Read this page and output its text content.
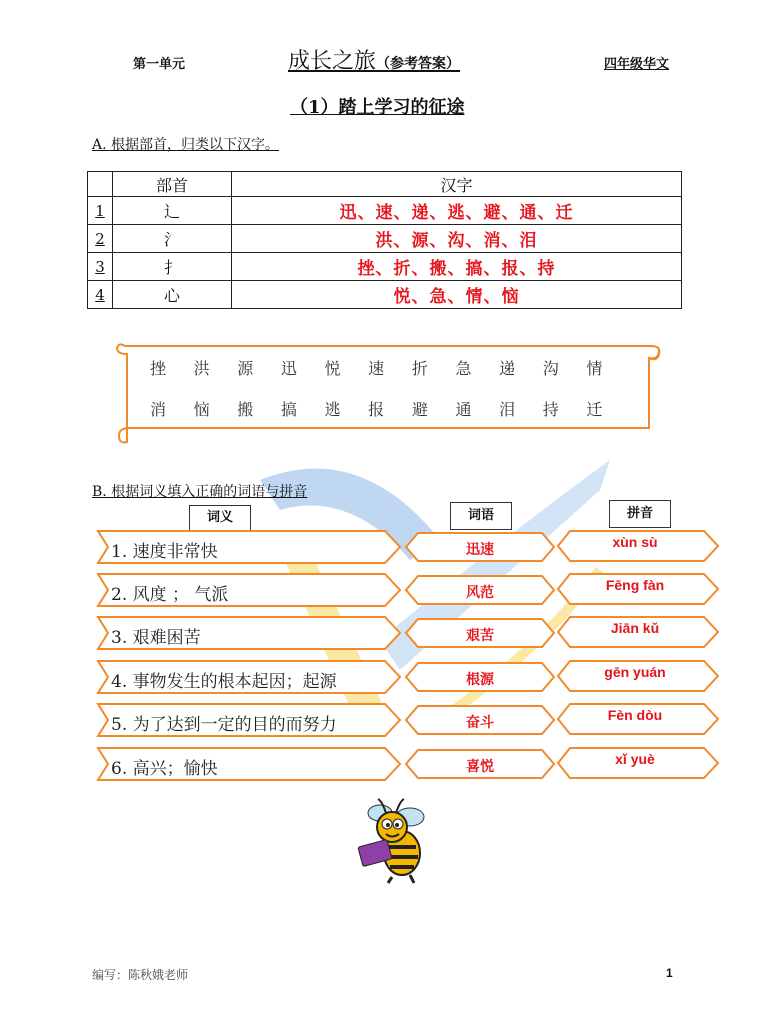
第一单元	成长之旅（参考答案）	四年级华文
（1）踏上学习的征途
A. 根据部首，归类以下汉字。
	部首	汉字
1	辶	迅、速、递、逃、避、通、迁
2	氵	洪、源、沟、消、泪
3	扌	挫、折、搬、搞、报、持
4	心	悦、急、情、恼
挫 洪 源 迅 悦 速 折 急 递 沟 情
消 恼 搬 搞 逃 报 避 通 泪 持 迁
B. 根据词义填入正确的词语与拼音
词义	词语	拼音
1. 速度非常快	迅速	xùn sù
2. 风度 ； 气派	风范	Fēng fàn
3. 艰难困苦	艰苦	Jiān kǔ
4. 事物发生的根本起因；起源	根源	gēn yuán
5. 为了达到一定的目的而努力	奋斗	Fèn dòu
6. 高兴；愉快	喜悦	xǐ yuè
编写：陈秋娥老师	1
